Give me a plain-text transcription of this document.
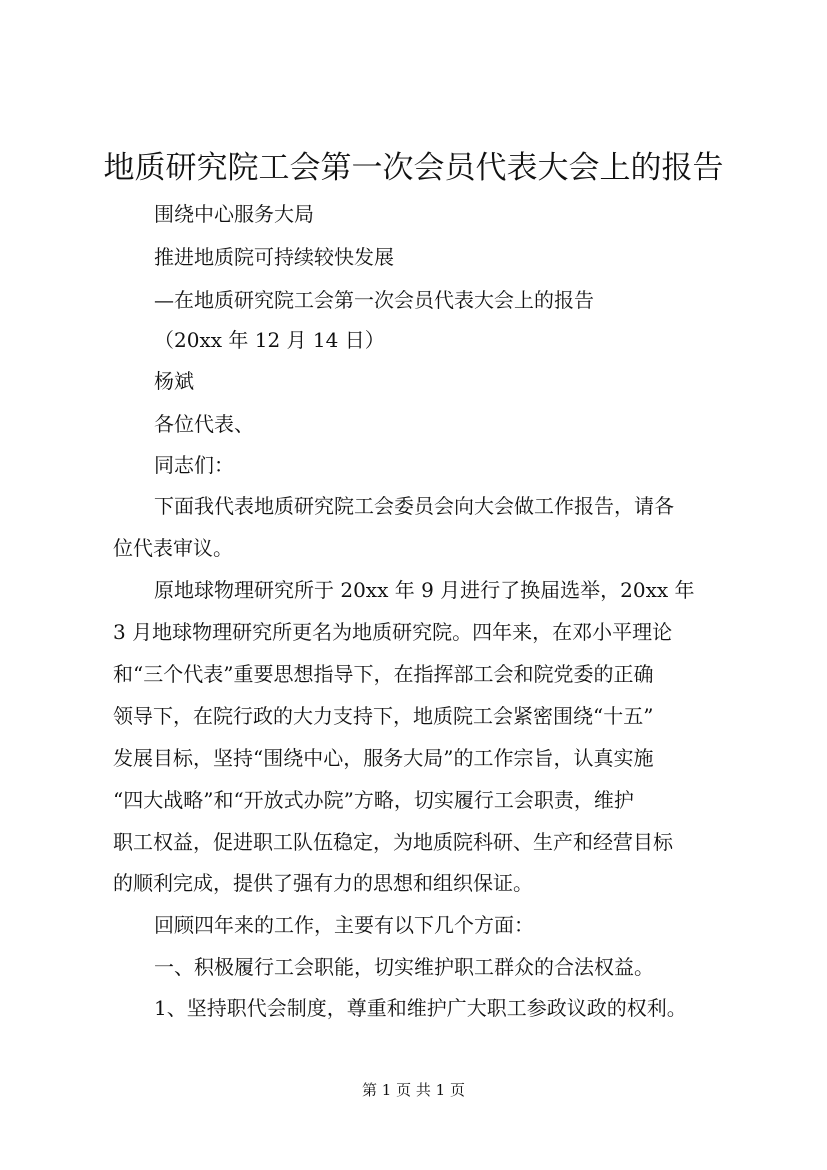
地质研究院工会第一次会员代表大会上的报告

围绕中心服务大局

推进地质院可持续较快发展

—在地质研究院工会第一次会员代表大会上的报告

（20xx 年 12 月 14 日）

杨斌

各位代表、

同志们：

下面我代表地质研究院工会委员会向大会做工作报告，请各

位代表审议。

原地球物理研究所于 20xx 年 9 月进行了换届选举，20xx 年

3 月地球物理研究所更名为地质研究院。四年来，在邓小平理论

和“三个代表”重要思想指导下，在指挥部工会和院党委的正确

领导下，在院行政的大力支持下，地质院工会紧密围绕“十五”

发展目标，坚持“围绕中心，服务大局”的工作宗旨，认真实施

“四大战略”和“开放式办院”方略，切实履行工会职责，维护

职工权益，促进职工队伍稳定，为地质院科研、生产和经营目标

的顺利完成，提供了强有力的思想和组织保证。

回顾四年来的工作，主要有以下几个方面：

一、积极履行工会职能，切实维护职工群众的合法权益。

1、坚持职代会制度，尊重和维护广大职工参政议政的权利。

第 1 页 共 1 页
